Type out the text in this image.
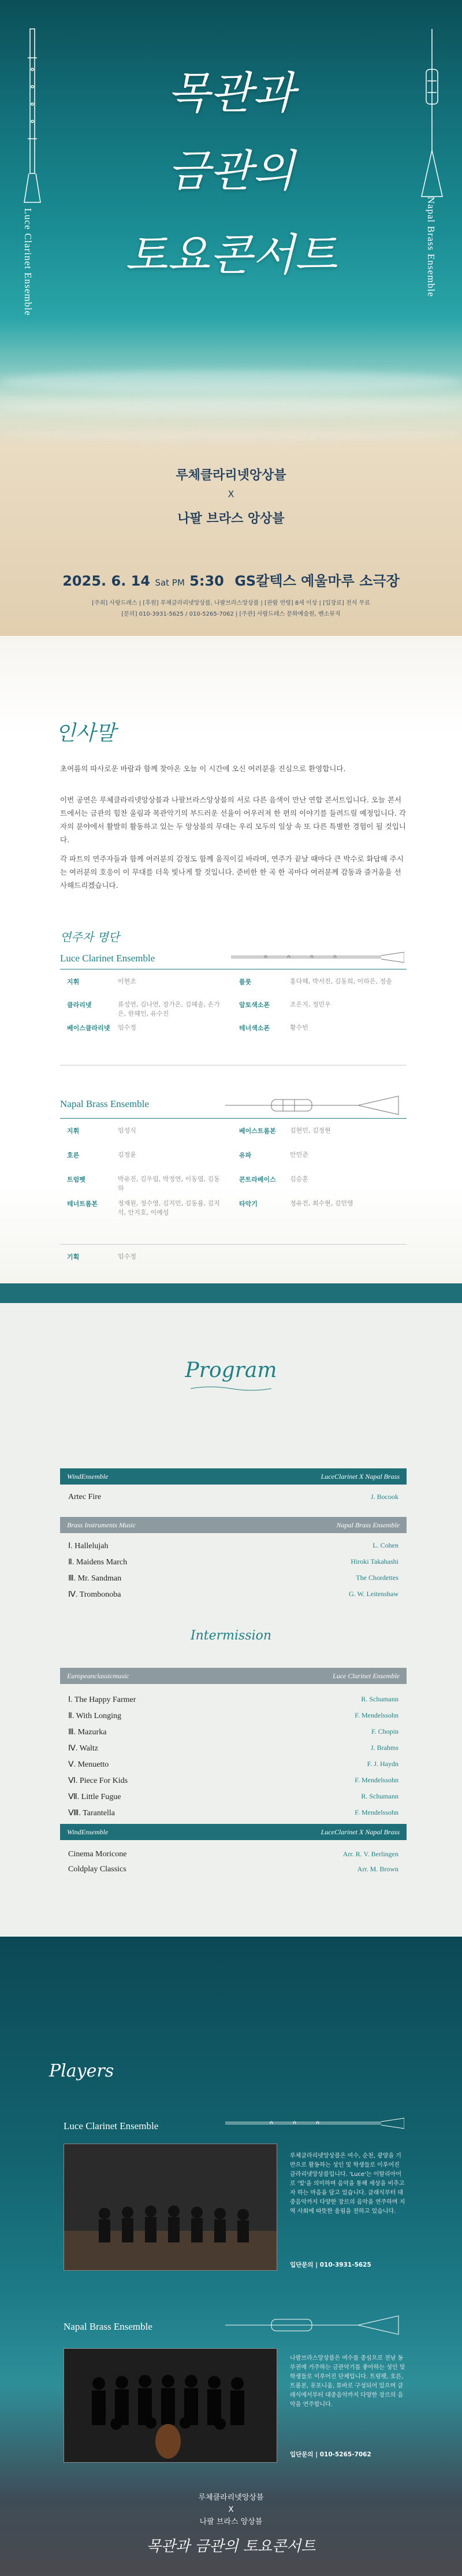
Luce Clarinet Ensemble	Napal Brass Ensemble
목관과
금관의
토요콘서트
루체클라리넷앙상블
X
나팔 브라스 앙상블
2025. 6. 14 Sat PM 5:30 GS칼텍스 예울마루 소극장
[주최] 사랑드레스 | [후원] 루체클라리넷앙상블, 나팔브라스앙상블 | [관람 연령] 8세 이상 | [입장료] 전석 무료
[문의] 010-3931-5625 / 010-5265-7062 | [주관] 사랑드레스 문화예술원, 벤소뮤직
인사말
초여름의 따사로운 바람과 함께 찾아온 오늘 이 시간에 오신 여러분을 진심으로 환영합니다.
이번 공연은 루체클라리넷앙상블과 나팔브라스앙상블의 서로 다른 음색이 만난 연합 콘서트입니다. 오늘 콘서트에서는 금관의 힘찬 울림과 목관악기의 부드러운 선율이 어우러져 한 편의 이야기를 들려드릴 예정입니다. 각자의 분야에서 활발히 활동하고 있는 두 앙상블의 무대는 우리 모두의 일상 속 또 다른 특별한 경험이 될 것입니다.
각 파트의 연주자들과 함께 여러분의 감정도 함께 움직이길 바라며, 연주가 끝날 때마다 큰 박수로 화답해 주시는 여러분의 호응이 이 무대를 더욱 빛나게 할 것입니다. 준비한 한 곡 한 곡마다 여러분께 감동과 즐거움을 선사해드리겠습니다.
연주자 명단
Luce Clarinet Ensemble
지휘	이현조
클라리넷	류성연, 김나연, 장가은, 김혜솔, 손가은, 한혜인, 유수진
베이스클라리넷	임수정
플룻	홍다혜, 박서진, 김동희, 이하은, 정솔
알토색소폰	조은지, 정민우
테너색소폰	황수빈
Napal Brass Ensemble
지휘	임성식
호른	김정윤
트럼펫	박유진, 김우림, 박정연, 이동엽, 김동하
테너트롬본	정재원, 정수영, 김지민, 김동률, 김지석, 안지호, 이예성
베이스트롬본	김현민, 김정현
유파	안민준
콘트라베이스	김승훈
타악기	정유진, 최수현, 김민영
기획	임수정
Program
WindEnsemble	LuceClarinet X Napal Brass
Artec Fire	J. Bocook
Brass Instruments Music	Napal Brass Ensemble
Ⅰ. Hallelujah	L. Cohen
Ⅱ. Maidens March	Hiroki Takahashi
Ⅲ. Mr. Sandman	The Chordettes
Ⅳ. Trombonoba	G. W. Leitenshaw
Intermission
Europeanclassicmusic	Luce Clarinet Ensemble
Ⅰ. The Happy Farmer	R. Schumann
Ⅱ. With Longing	F. Mendelssohn
Ⅲ. Mazurka	F. Chopin
Ⅳ. Waltz	J. Brahms
Ⅴ. Menuetto	F. J. Haydn
Ⅵ. Piece For Kids	F. Mendelssohn
Ⅶ. Little Fugue	R. Schumann
Ⅷ. Tarantella	F. Mendelssohn
WindEnsemble	LuceClarinet X Napal Brass
Cinema Moricone	Arr. R. V. Berlingen
Coldplay Classics	Arr. M. Brown
Players
Luce Clarinet Ensemble
루체클라리넷앙상블은 여수, 순천, 광양을 기반으로 활동하는 성인 및 학생들로 이루어진 클라리넷앙상블입니다. 'Luce'는 이탈리아어로 '빛'을 의미하며 음악을 통해 세상을 비추고자 하는 마음을 담고 있습니다. 클래식부터 대중음악까지 다양한 장르의 음악을 연주하며 지역 사회에 따뜻한 울림을 전하고 있습니다.
입단문의 | 010-3931-5625
Napal Brass Ensemble
나팔브라스앙상블은 여수를 중심으로 전남 동부권에 거주하는 금관악기를 좋아하는 성인 및 학생들로 이루어진 단체입니다. 트럼펫, 호른, 트롬본, 유포니움, 튜바로 구성되어 있으며 클래식에서부터 대중음악까지 다양한 장르의 음악을 연주합니다.
입단문의 | 010-5265-7062
루체클라리넷앙상블
X
나팔 브라스 앙상블
목관과 금관의 토요콘서트
